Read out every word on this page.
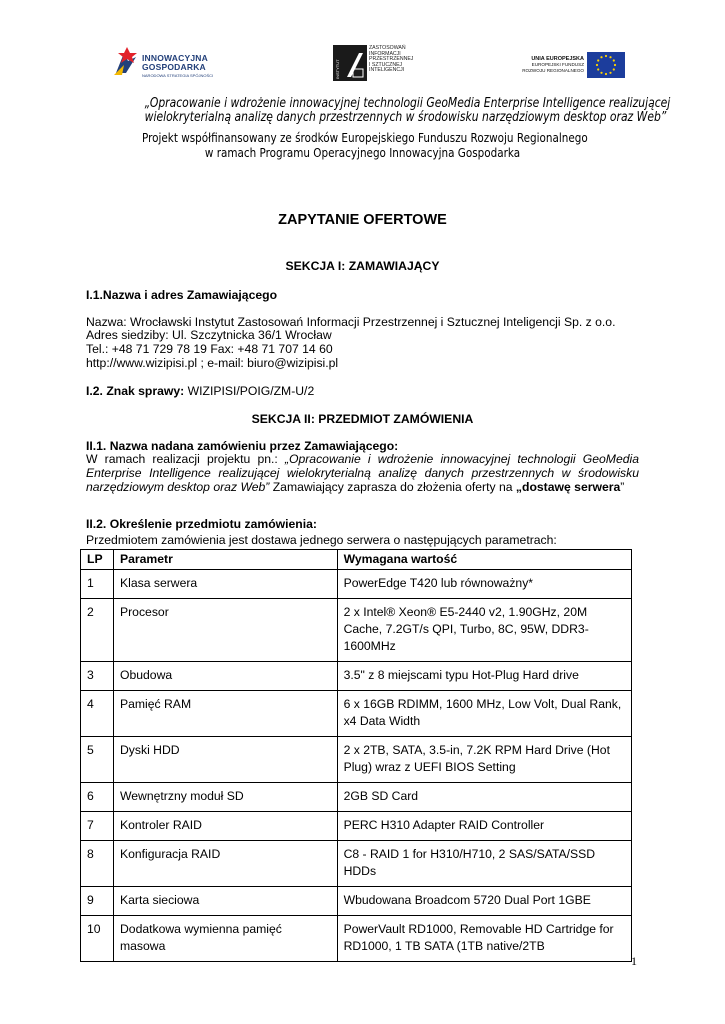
INNOWACYJNA
GOSPODARKA
NARODOWA STRATEGIA SPÓJNOŚCI	INSTYTUT
ZASTOSOWAŃ
INFORMACJI
PRZESTRZENNEJ
I SZTUCZNEJ
INTELIGENCJI
UNIA EUROPEJSKA
EUROPEJSKI FUNDUSZ
ROZWOJU REGIONALNEGO
„Opracowanie i wdrożenie innowacyjnej technologii GeoMedia Enterprise Intelligence realizującej
wielokryterialną analizę danych przestrzennych w środowisku narzędziowym desktop oraz Web”
Projekt współfinansowany ze środków Europejskiego Funduszu Rozwoju Regionalnego
w ramach Programu Operacyjnego Innowacyjna Gospodarka
ZAPYTANIE OFERTOWE
SEKCJA I: ZAMAWIAJĄCY
I.1.Nazwa i adres Zamawiającego
Nazwa: Wrocławski Instytut Zastosowań Informacji Przestrzennej i Sztucznej Inteligencji Sp. z o.o.
Adres siedziby: Ul. Szczytnicka 36/1 Wrocław
Tel.: +48 71 729 78 19 Fax: +48 71 707 14 60
http://www.wizipisi.pl ; e-mail: biuro@wizipisi.pl
I.2. Znak sprawy: WIZIPISI/POIG/ZM-U/2
SEKCJA II: PRZEDMIOT ZAMÓWIENIA
II.1. Nazwa nadana zamówieniu przez Zamawiającego:
W ramach realizacji projektu pn.: „Opracowanie i wdrożenie innowacyjnej technologii GeoMedia
Enterprise Intelligence realizującej wielokryterialną analizę danych przestrzennych w środowisku
narzędziowym desktop oraz Web” Zamawiający zaprasza do złożenia oferty na „dostawę serwera”
II.2. Określenie przedmiotu zamówienia:
Przedmiotem zamówienia jest dostawa jednego serwera o następujących parametrach:
LP	Parametr	Wymagana wartość
1	Klasa serwera	PowerEdge T420 lub równoważny*
2	Procesor	2 x Intel® Xeon® E5-2440 v2, 1.90GHz, 20M Cache, 7.2GT/s QPI, Turbo, 8C, 95W, DDR3-1600MHz
3	Obudowa	3.5" z 8 miejscami typu Hot-Plug Hard drive
4	Pamięć RAM	6 x 16GB RDIMM, 1600 MHz, Low Volt, Dual Rank, x4 Data Width
5	Dyski HDD	2 x 2TB, SATA, 3.5-in, 7.2K RPM Hard Drive (Hot Plug) wraz z UEFI BIOS Setting
6	Wewnętrzny moduł SD	2GB SD Card
7	Kontroler RAID	PERC H310 Adapter RAID Controller
8	Konfiguracja RAID	C8 - RAID 1 for H310/H710, 2 SAS/SATA/SSD HDDs
9	Karta sieciowa	Wbudowana Broadcom 5720 Dual Port 1GBE
10	Dodatkowa wymienna pamięć masowa	PowerVault RD1000, Removable HD Cartridge for RD1000, 1 TB SATA (1TB native/2TB
1
